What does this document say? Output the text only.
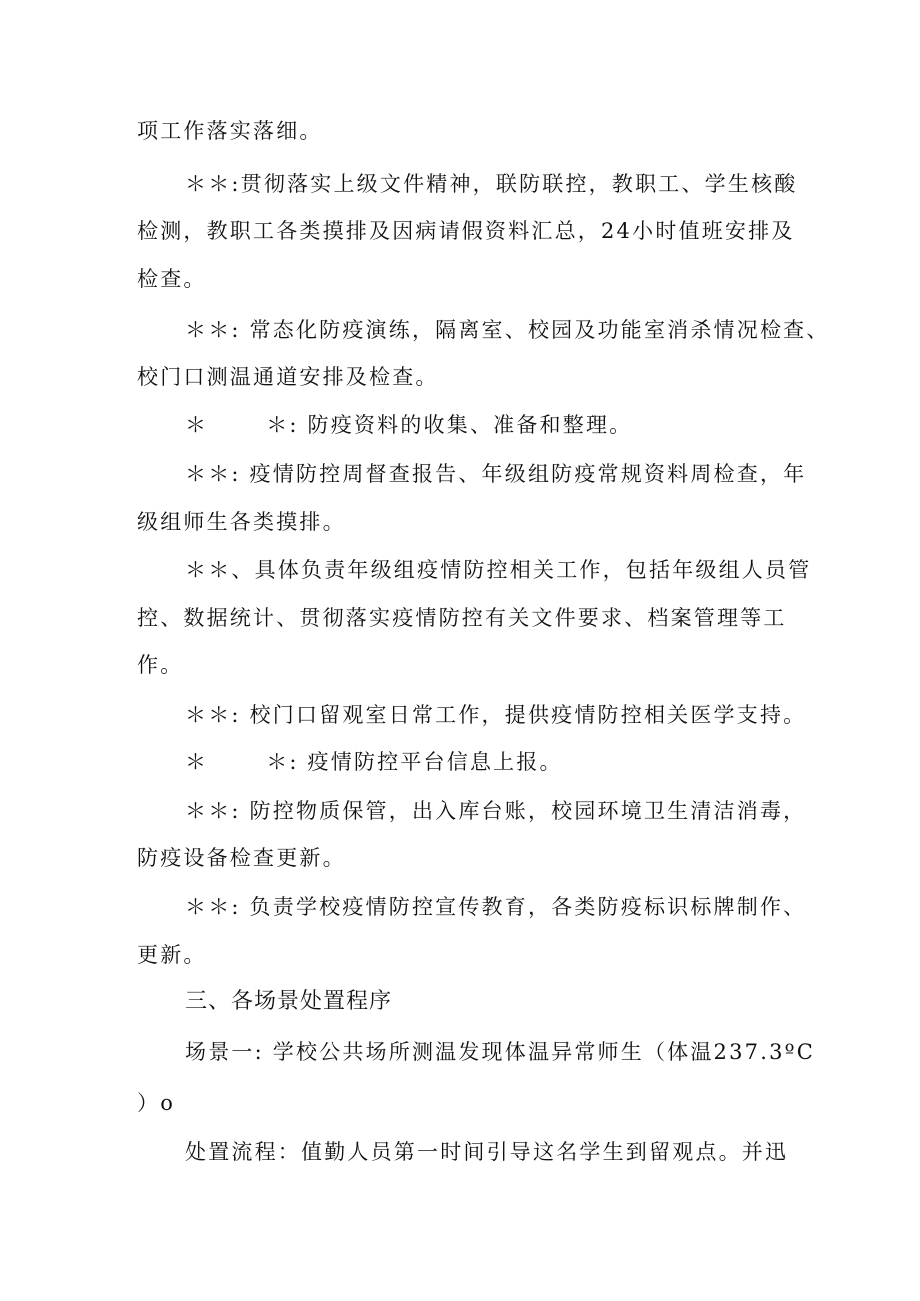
项工作落实落细。
＊＊:贯彻落实上级文件精神，联防联控，教职工、学生核酸
检测，教职工各类摸排及因病请假资料汇总，24小时值班安排及
检查。
＊＊: 常态化防疫演练，隔离室、校园及功能室消杀情况检查、
校门口测温通道安排及检查。
＊	＊: 防疫资料的收集、准备和整理。
＊＊: 疫情防控周督查报告、年级组防疫常规资料周检查，年
级组师生各类摸排。
＊＊、具体负责年级组疫情防控相关工作，包括年级组人员管
控、数据统计、贯彻落实疫情防控有关文件要求、档案管理等工
作。
＊＊: 校门口留观室日常工作，提供疫情防控相关医学支持。
＊	＊: 疫情防控平台信息上报。
＊＊: 防控物质保管，出入库台账，校园环境卫生清洁消毒，
防疫设备检查更新。
＊＊: 负责学校疫情防控宣传教育，各类防疫标识标牌制作、
更新。
三、各场景处置程序
场景一: 学校公共场所测温发现体温异常师生（体温237.3ºC
）o
处置流程：值勤人员第一时间引导这名学生到留观点。并迅
